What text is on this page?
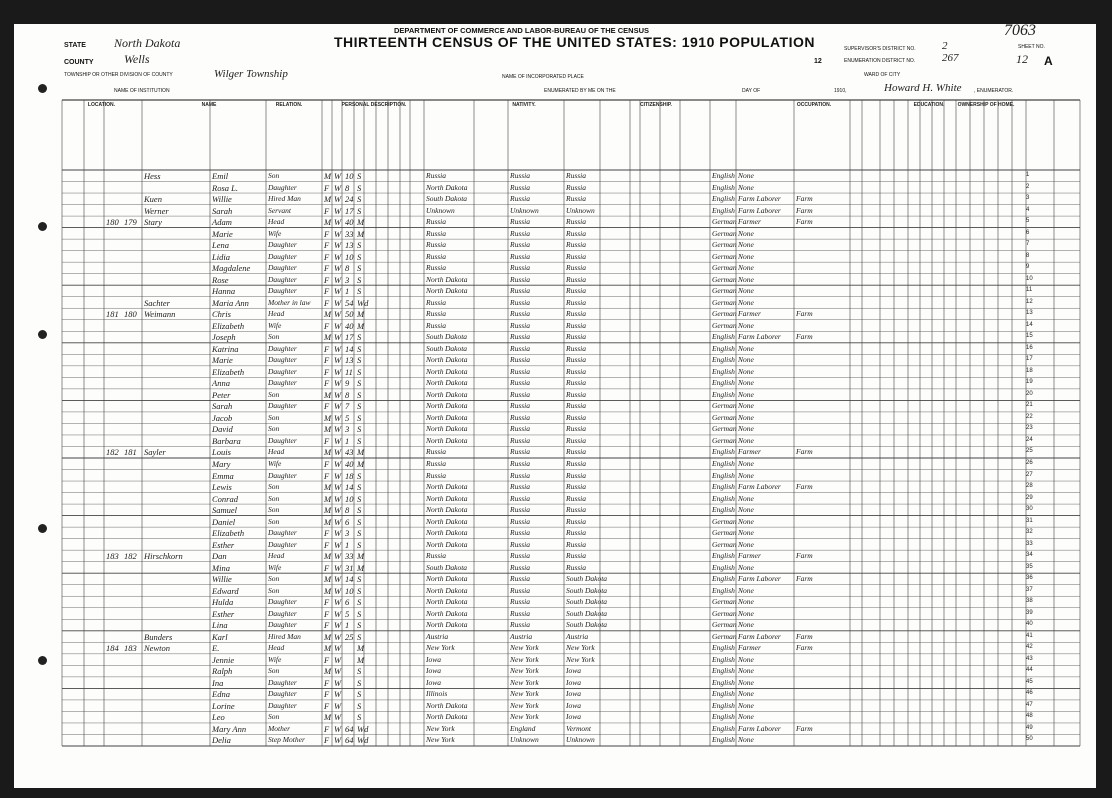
STATE North Dakota
COUNTY	Wells
TOWNSHIP OR OTHER DIVISION OF COUNTY	Wilger Township
NAME OF INSTITUTION
DEPARTMENT OF COMMERCE AND LABOR-BUREAU OF THE CENSUS
THIRTEENTH CENSUS OF THE UNITED STATES: 1910 POPULATION
12
NAME OF INCORPORATED PLACE
ENUMERATED BY ME ON THE	DAY OF	1910,	Howard H. White , ENUMERATOR.
SUPERVISOR'S DISTRICT NO. 2
ENUMERATION DISTRICT NO. 267
WARD OF CITY
SHEET NO.
12 A
7063
LOCATION.	NAME	RELATION.	PERSONAL DESCRIPTION.	NATIVITY.	CITIZENSHIP.	OCCUPATION.	EDUCATION.	OWNERSHIP OF HOME.
Hess	Emil	Son	M W 10 S	Russia	Russia	Russia	English None	1
Rosa L.	Daughter	F W 8 S	North Dakota	Russia	Russia	English None	2
Kuen	Willie	Hired Man	M W 24 S	South Dakota	Russia	Russia	English Farm Laborer Farm	3
Werner	Sarah	Servant	F W 17 S	Unknown	Unknown	Unknown	English Farm Laborer Farm	4
180 179 Stary	Adam	Head	M W 40 M	Russia	Russia	Russia	German Farmer	Farm	5
Marie	Wife	F W 33 M	Russia	Russia	Russia	German None	6
Lena	Daughter	F W 13 S	Russia	Russia	Russia	German None	7
Lidia	Daughter	F W 10 S	Russia	Russia	Russia	German None	8
Magdalene Daughter	F W 8 S	Russia	Russia	Russia	German None	9
Rose	Daughter	F W 3 S	North Dakota	Russia	Russia	German None	10
Hanna	Daughter	F W 1 S	North Dakota	Russia	Russia	German None	11
Sachter	Maria Ann	Mother in law F W 54 Wd	Russia	Russia	Russia	German None	12
181 180 Weimann	Chris	Head	M W 50 M	Russia	Russia	Russia	German Farmer	Farm	13
Elizabeth	Wife	F W 40 M	Russia	Russia	Russia	German None	14
Joseph	Son	M W 17 S	South Dakota	Russia	Russia	English Farm Laborer Farm	15
Katrina	Daughter	F W 14 S	South Dakota	Russia	Russia	English None	16
Marie	Daughter	F W 13 S	North Dakota	Russia	Russia	English None	17
Elizabeth	Daughter	F W 11 S	North Dakota	Russia	Russia	English None	18
Anna	Daughter	F W 9 S	North Dakota	Russia	Russia	English None	19
Peter	Son	M W 8 S	North Dakota	Russia	Russia	English None	20
Sarah	Daughter	F W 7 S	North Dakota	Russia	Russia	German None	21
Jacob	Son	M W 5 S	North Dakota	Russia	Russia	German None	22
David	Son	M W 3 S	North Dakota	Russia	Russia	German None	23
Barbara	Daughter	F W 1 S	North Dakota	Russia	Russia	German None	24
182 181 Sayler	Louis	Head	M W 43 M	Russia	Russia	Russia	English Farmer	Farm	25
Mary	Wife	F W 40 M	Russia	Russia	Russia	English None	26
Emma	Daughter	F W 18 S	Russia	Russia	Russia	English None	27
Lewis	Son	M W 14 S	North Dakota	Russia	Russia	English Farm Laborer Farm	28
Conrad	Son	M W 10 S	North Dakota	Russia	Russia	English None	29
Samuel	Son	M W 8 S	North Dakota	Russia	Russia	English None	30
Daniel	Son	M W 6 S	North Dakota	Russia	Russia	German None	31
Elizabeth	Daughter	F W 3 S	North Dakota	Russia	Russia	German None	32
Esther	Daughter	F W 1 S	North Dakota	Russia	Russia	German None	33
183 182 Hirschkorn	Dan	Head	M W 33 M	Russia	Russia	Russia	English Farmer	Farm	34
Mina	Wife	F W 31 M	South Dakota	Russia	Russia	English None	35
Willie	Son	M W 14 S	North Dakota	Russia	South Dakota	English Farm Laborer Farm	36
Edward	Son	M W 10 S	North Dakota	Russia	South Dakota	English None	37
Hulda	Daughter	F W 6 S	North Dakota	Russia	South Dakota	German None	38
Esther	Daughter	F W 5 S	North Dakota	Russia	South Dakota	German None	39
Lina	Daughter	F W 1 S	North Dakota	Russia	South Dakota	German None	40
Bunders	Karl	Hired Man	M W 25 S	Austria	Austria	Austria	German Farm Laborer Farm	41
184 183 Newton	E.	Head	M W M	New York	New York	New York	English Farmer	Farm	42
Jennie	Wife	F W M	Iowa	New York	New York	English None	43
Ralph	Son	M W S	Iowa	New York	Iowa	English None	44
Ina	Daughter	F W S	Iowa	New York	Iowa	English None	45
Edna	Daughter	F W S	Illinois	New York	Iowa	English None	46
Lorine	Daughter	F W S	North Dakota	New York	Iowa	English None	47
Leo	Son	M W S	North Dakota	New York	Iowa	English None	48
Mary Ann	Mother	F W 64 Wd	New York	England	Vermont	English Farm Laborer Farm	49
Delia	Step Mother F W 64 Wd	New York	Unknown	Unknown	English None	50
